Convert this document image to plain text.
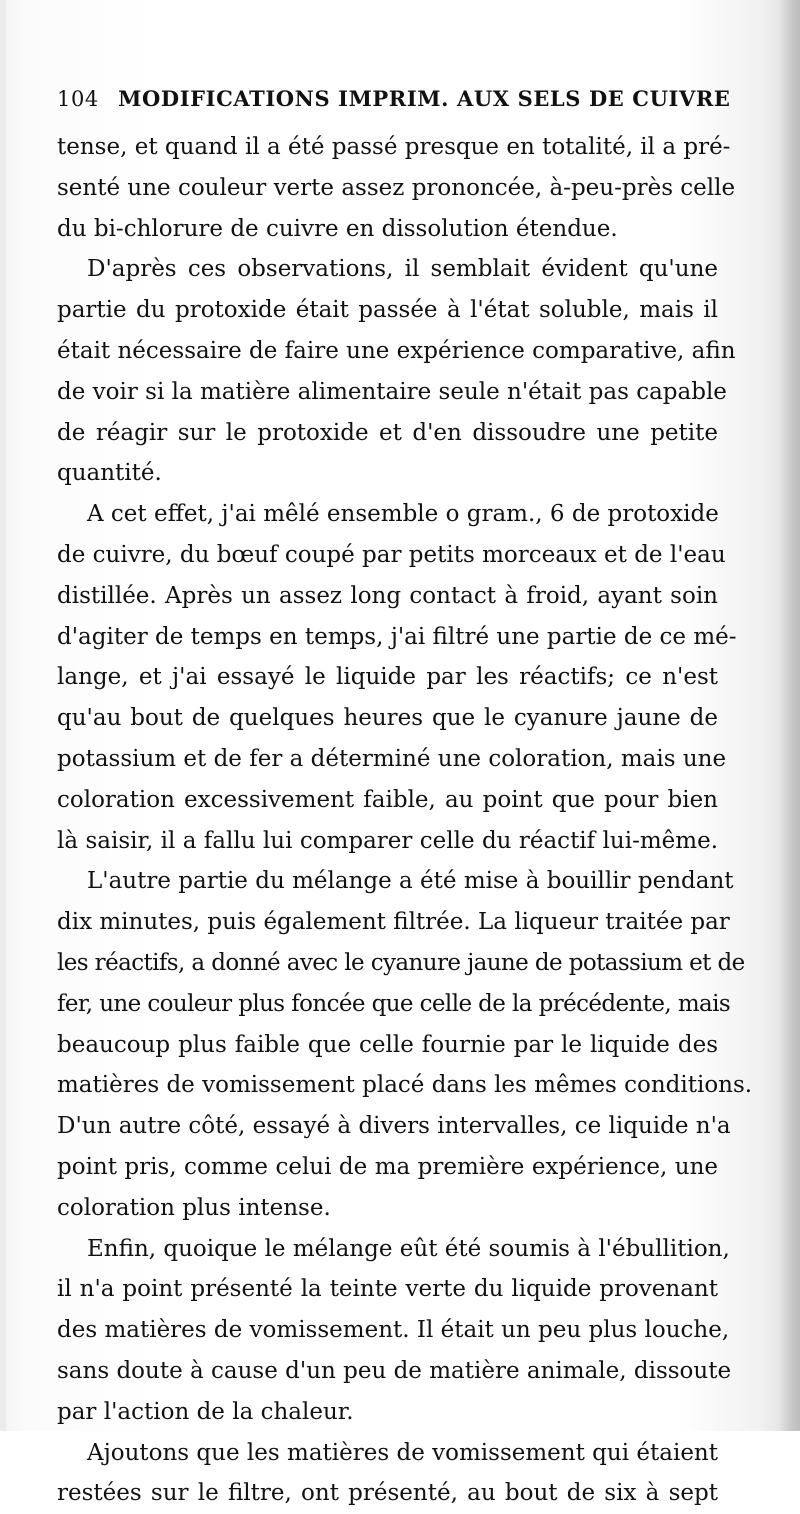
104 MODIFICATIONS IMPRIM. AUX SELS DE CUIVRE
tense, et quand il a été passé presque en totalité, il a pré-
senté une couleur verte assez prononcée, à-peu-près celle
du bi-chlorure de cuivre en dissolution étendue.
D'après ces observations, il semblait évident qu'une
partie du protoxide était passée à l'état soluble, mais il
était nécessaire de faire une expérience comparative, afin
de voir si la matière alimentaire seule n'était pas capable
de réagir sur le protoxide et d'en dissoudre une petite
quantité.
A cet effet, j'ai mêlé ensemble o gram., 6 de protoxide
de cuivre, du bœuf coupé par petits morceaux et de l'eau
distillée. Après un assez long contact à froid, ayant soin
d'agiter de temps en temps, j'ai filtré une partie de ce mé-
lange, et j'ai essayé le liquide par les réactifs; ce n'est
qu'au bout de quelques heures que le cyanure jaune de
potassium et de fer a déterminé une coloration, mais une
coloration excessivement faible, au point que pour bien
là saisir, il a fallu lui comparer celle du réactif lui-même.
L'autre partie du mélange a été mise à bouillir pendant
dix minutes, puis également filtrée. La liqueur traitée par
les réactifs, a donné avec le cyanure jaune de potassium et de
fer, une couleur plus foncée que celle de la précédente, mais
beaucoup plus faible que celle fournie par le liquide des
matières de vomissement placé dans les mêmes conditions.
D'un autre côté, essayé à divers intervalles, ce liquide n'a
point pris, comme celui de ma première expérience, une
coloration plus intense.
Enfin, quoique le mélange eût été soumis à l'ébullition,
il n'a point présenté la teinte verte du liquide provenant
des matières de vomissement. Il était un peu plus louche,
sans doute à cause d'un peu de matière animale, dissoute
par l'action de la chaleur.
Ajoutons que les matières de vomissement qui étaient
restées sur le filtre, ont présenté, au bout de six à sept
